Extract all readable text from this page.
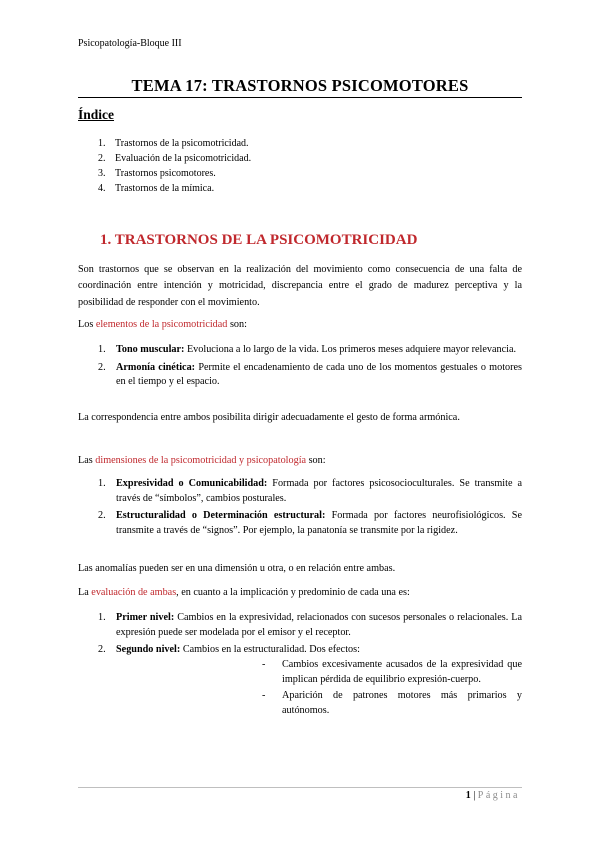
Psicopatología-Bloque III
TEMA 17: TRASTORNOS PSICOMOTORES
Índice
1. Trastornos de la psicomotricidad.
2. Evaluación de la psicomotricidad.
3. Trastornos psicomotores.
4. Trastornos de la mímica.
1. TRASTORNOS DE LA PSICOMOTRICIDAD

Son trastornos que se observan en la realización del movimiento como consecuencia de una falta de coordinación entre intención y motricidad, discrepancia entre el grado de madurez perceptiva y la posibilidad de responder con el movimiento.

Los elementos de la psicomotricidad son:

1. Tono muscular: Evoluciona a lo largo de la vida. Los primeros meses adquiere mayor relevancia.
2. Armonía cinética: Permite el encadenamiento de cada uno de los momentos gestuales o motores en el tiempo y el espacio.

La correspondencia entre ambos posibilita dirigir adecuadamente el gesto de forma armónica.

Las dimensiones de la psicomotricidad y psicopatología son:

1. Expresividad o Comunicabilidad: Formada por factores psicosocioculturales. Se transmite a través de “símbolos”, cambios posturales.
2. Estructuralidad o Determinación estructural: Formada por factores neurofisiológicos. Se transmite a través de “signos”. Por ejemplo, la panatonía se transmite por la rigidez.

Las anomalías pueden ser en una dimensión u otra, o en relación entre ambas.

La evaluación de ambas, en cuanto a la implicación y predominio de cada una es:

1. Primer nivel: Cambios en la expresividad, relacionados con sucesos personales o relacionales. La expresión puede ser modelada por el emisor y el receptor.
2. Segundo nivel: Cambios en la estructuralidad. Dos efectos:
- Cambios excesivamente acusados de la expresividad que implican pérdida de equilibrio expresión-cuerpo.
- Aparición de patrones motores más primarios y autónomos.
1 | Página
